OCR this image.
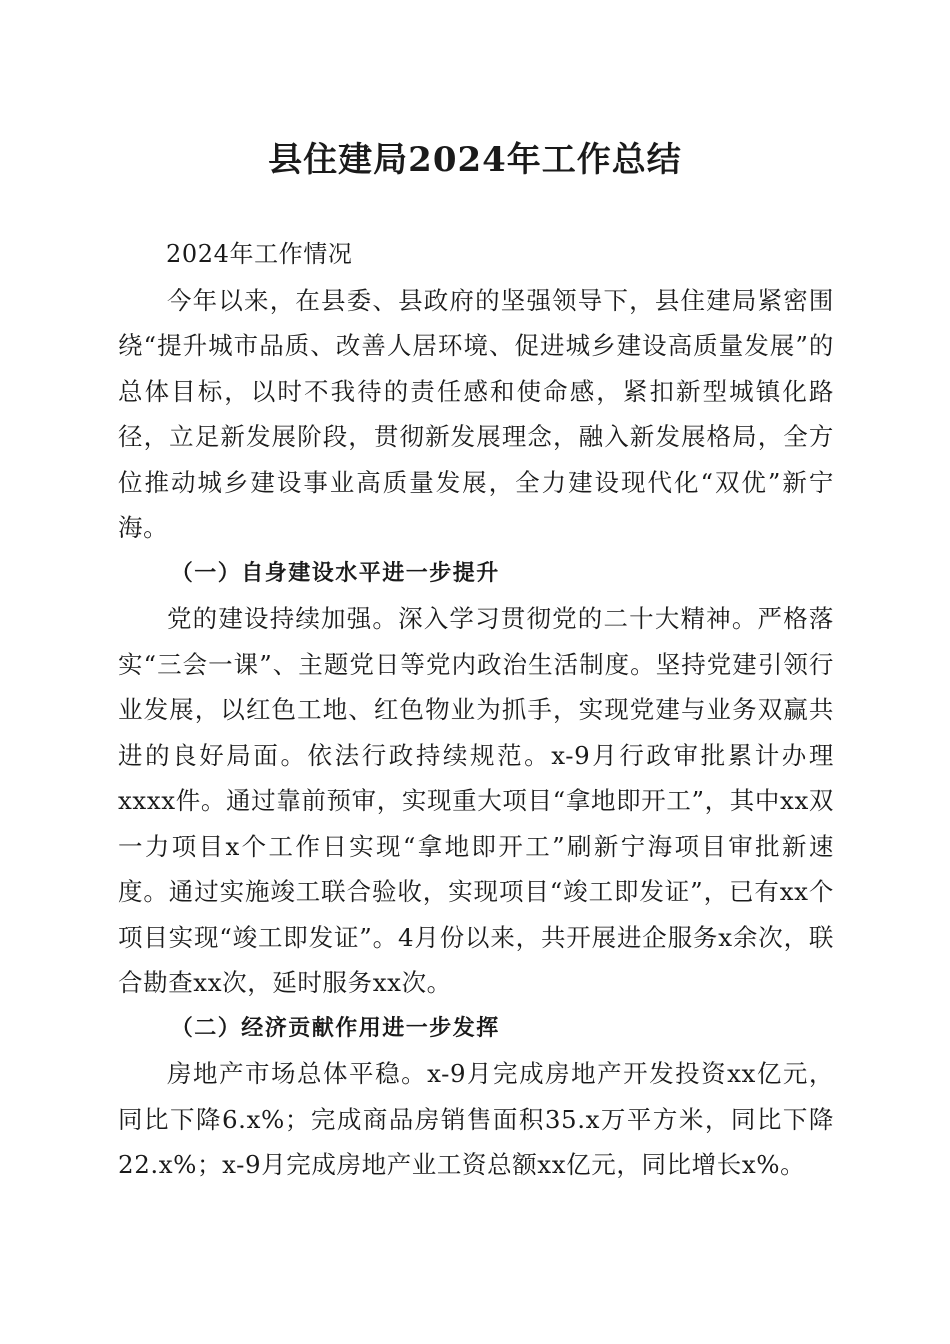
县住建局2024年工作总结

2024年工作情况

今年以来，在县委、县政府的坚强领导下，县住建局紧密围绕“提升城市品质、改善人居环境、促进城乡建设高质量发展”的总体目标，以时不我待的责任感和使命感，紧扣新型城镇化路径，立足新发展阶段，贯彻新发展理念，融入新发展格局，全方位推动城乡建设事业高质量发展，全力建设现代化“双优”新宁海。

（一）自身建设水平进一步提升

党的建设持续加强。深入学习贯彻党的二十大精神。严格落实“三会一课”、主题党日等党内政治生活制度。坚持党建引领行业发展，以红色工地、红色物业为抓手，实现党建与业务双赢共进的良好局面。依法行政持续规范。x-9月行政审批累计办理xxxx件。通过靠前预审，实现重大项目“拿地即开工”，其中xx双一力项目x个工作日实现“拿地即开工”刷新宁海项目审批新速度。通过实施竣工联合验收，实现项目“竣工即发证”，已有xx个项目实现“竣工即发证”。4月份以来，共开展进企服务x余次，联合勘查xx次，延时服务xx次。

（二）经济贡献作用进一步发挥

房地产市场总体平稳。x-9月完成房地产开发投资xx亿元，同比下降6.x%；完成商品房销售面积35.x万平方米，同比下降22.x%；x-9月完成房地产业工资总额xx亿元，同比增长x%。
